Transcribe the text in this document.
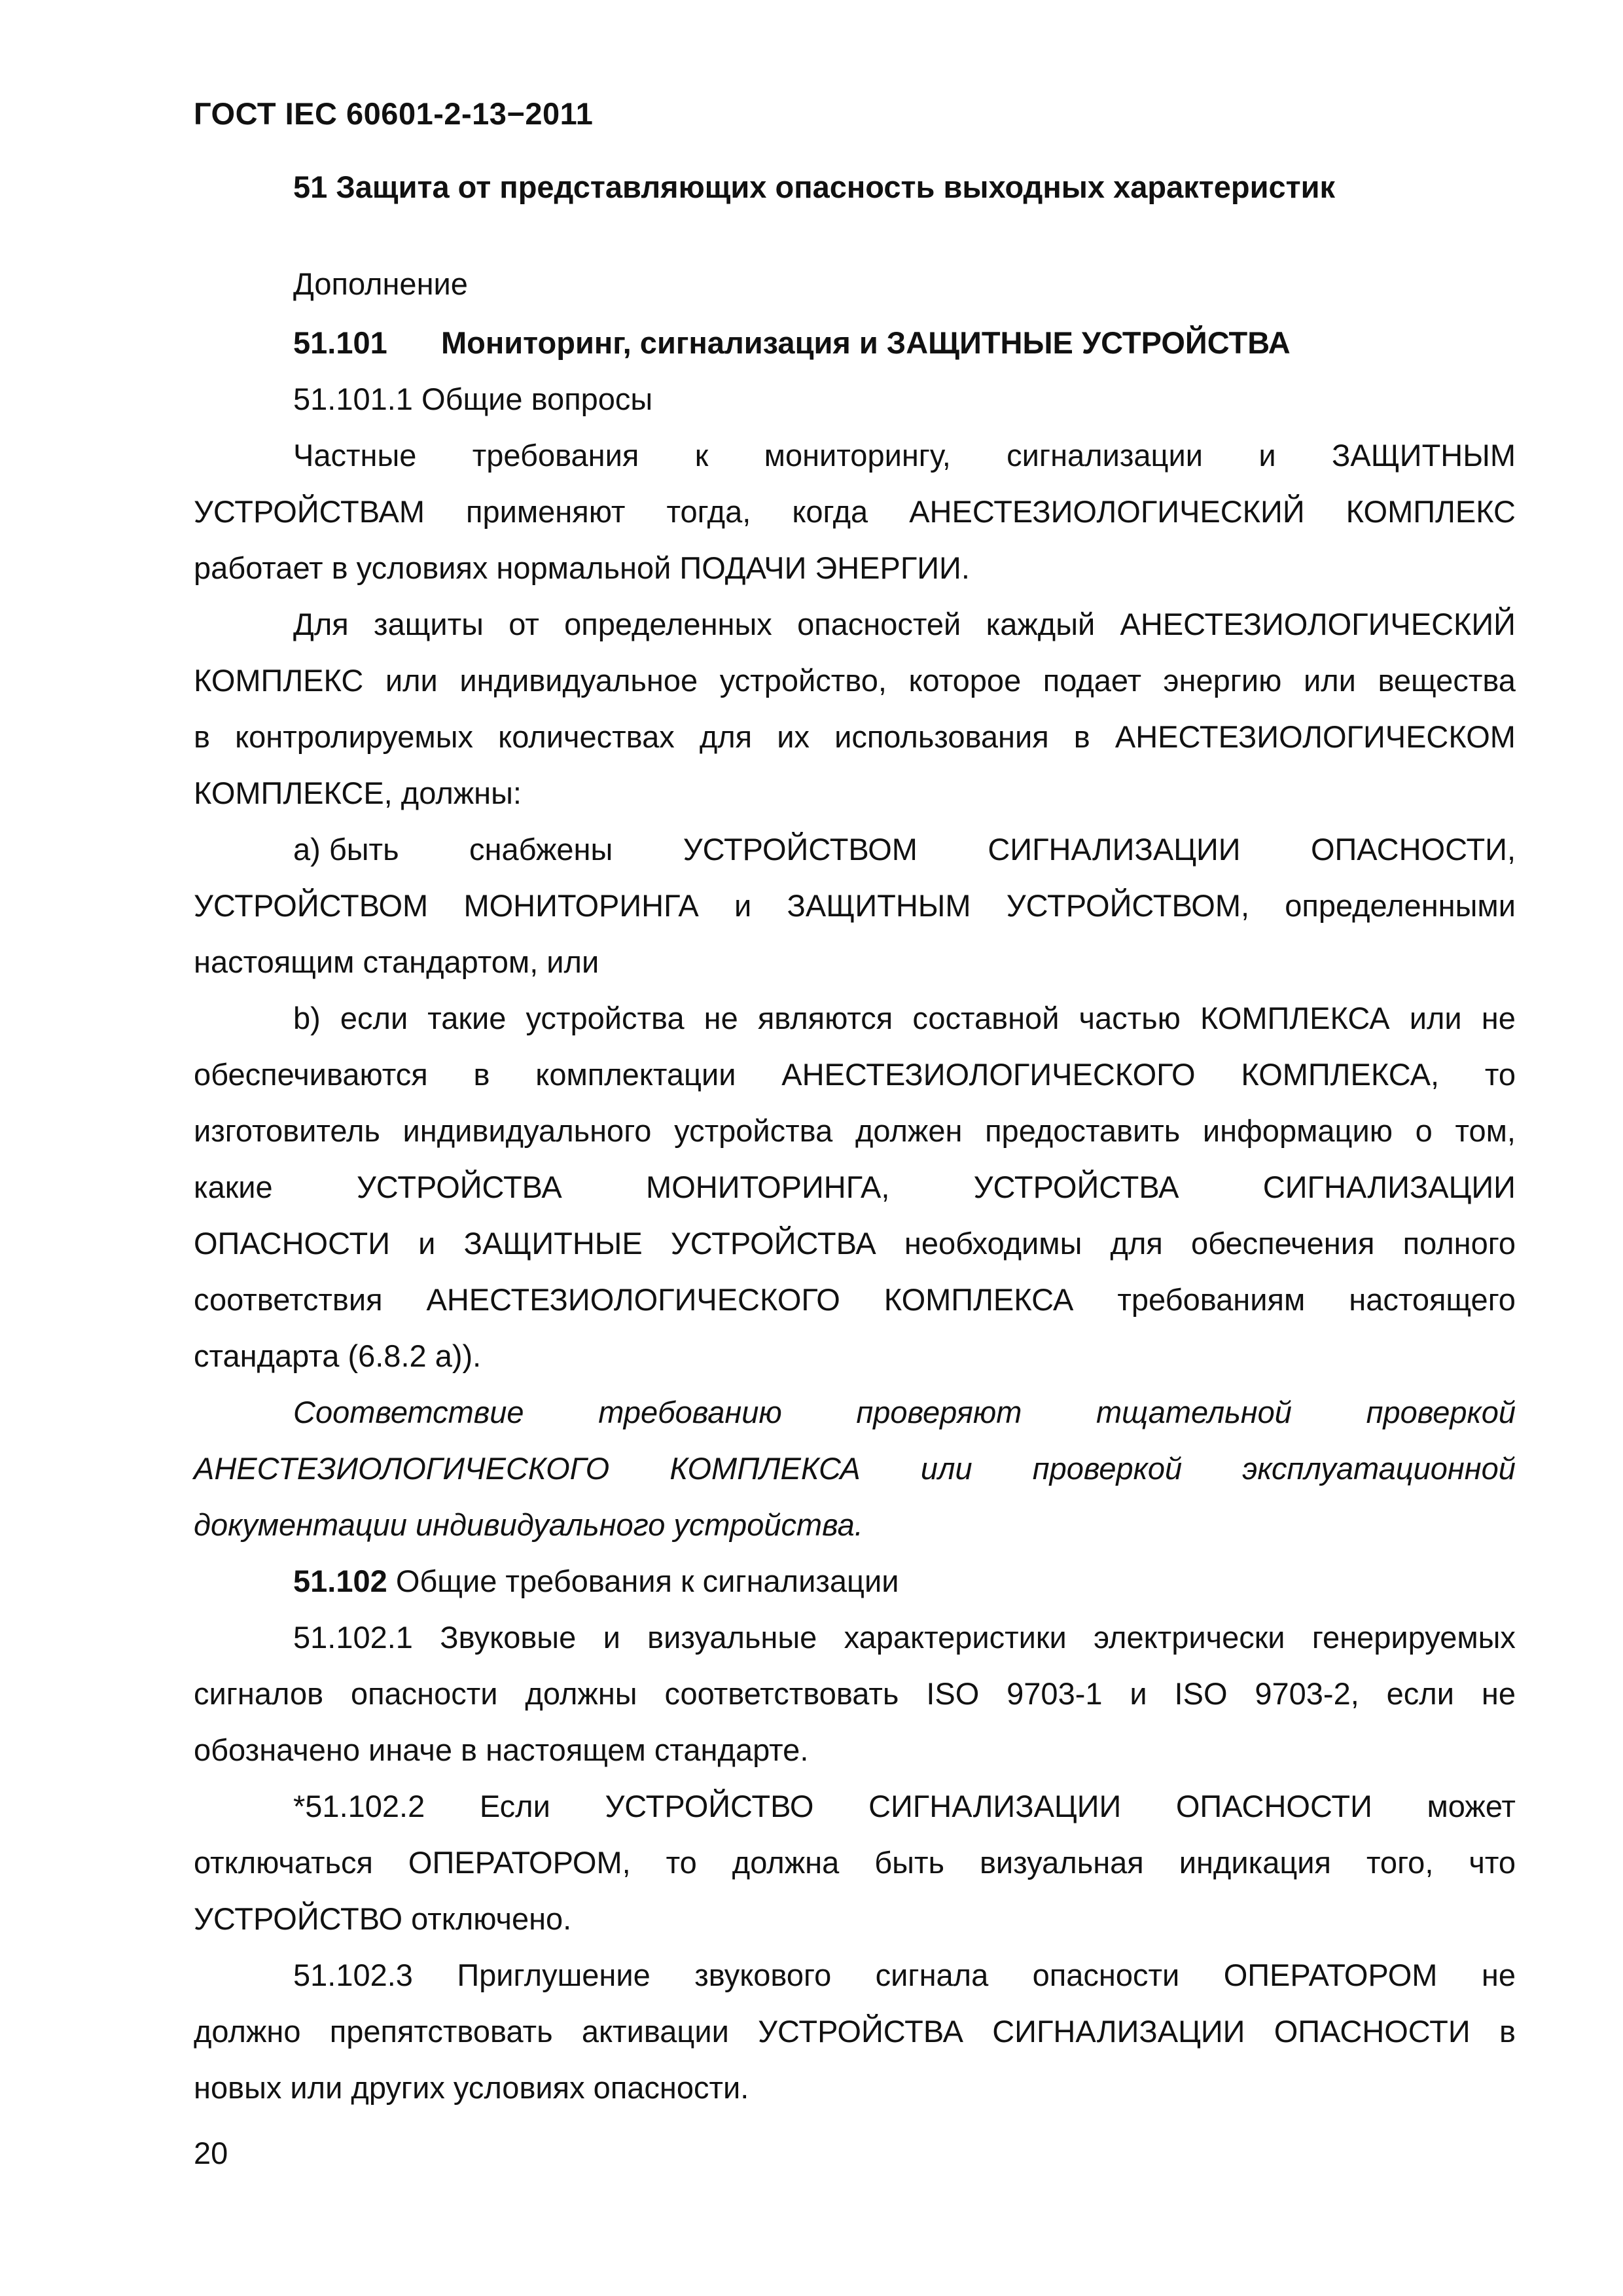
ГОСТ IEC 60601-2-13−2011
51 Защита от представляющих опасность выходных характеристик
Дополнение
51.101 Мониторинг, сигнализация и ЗАЩИТНЫЕ УСТРОЙСТВА
51.101.1 Общие вопросы
Частные требования к мониторингу, сигнализации и ЗАЩИТНЫМ
УСТРОЙСТВАМ применяют тогда, когда АНЕСТЕЗИОЛОГИЧЕСКИЙ КОМПЛЕКС
работает в условиях нормальной ПОДАЧИ ЭНЕРГИИ.
Для защиты от определенных опасностей каждый АНЕСТЕЗИОЛОГИЧЕСКИЙ
КОМПЛЕКС или индивидуальное устройство, которое подает энергию или вещества
в контролируемых количествах для их использования в АНЕСТЕЗИОЛОГИЧЕСКОМ
КОМПЛЕКСЕ, должны:
а) быть снабжены УСТРОЙСТВОМ СИГНАЛИЗАЦИИ ОПАСНОСТИ,
УСТРОЙСТВОМ МОНИТОРИНГА и ЗАЩИТНЫМ УСТРОЙСТВОМ, определенными
настоящим стандартом, или
b) если такие устройства не являются составной частью КОМПЛЕКСА или не
обеспечиваются в комплектации АНЕСТЕЗИОЛОГИЧЕСКОГО КОМПЛЕКСА, то
изготовитель индивидуального устройства должен предоставить информацию о том,
какие	УСТРОЙСТВА	МОНИТОРИНГА,	УСТРОЙСТВА	СИГНАЛИЗАЦИИ
ОПАСНОСТИ и ЗАЩИТНЫЕ УСТРОЙСТВА необходимы для обеспечения полного
соответствия АНЕСТЕЗИОЛОГИЧЕСКОГО КОМПЛЕКСА требованиям настоящего
стандарта (6.8.2 а)).
Соответствие требованию проверяют тщательной проверкой
АНЕСТЕЗИОЛОГИЧЕСКОГО КОМПЛЕКСА или проверкой эксплуатационной
документации индивидуального устройства.
51.102 Общие требования к сигнализации
51.102.1 Звуковые и визуальные характеристики электрически генерируемых
сигналов опасности должны соответствовать ISO 9703-1 и ISO 9703-2, если не
обозначено иначе в настоящем стандарте.
*51.102.2 Если УСТРОЙСТВО СИГНАЛИЗАЦИИ ОПАСНОСТИ может
отключаться ОПЕРАТОРОМ, то должна быть визуальная индикация того, что
УСТРОЙСТВО отключено.
51.102.3 Приглушение звукового сигнала опасности ОПЕРАТОРОМ не
должно препятствовать активации УСТРОЙСТВА СИГНАЛИЗАЦИИ ОПАСНОСТИ в
новых или других условиях опасности.
20
